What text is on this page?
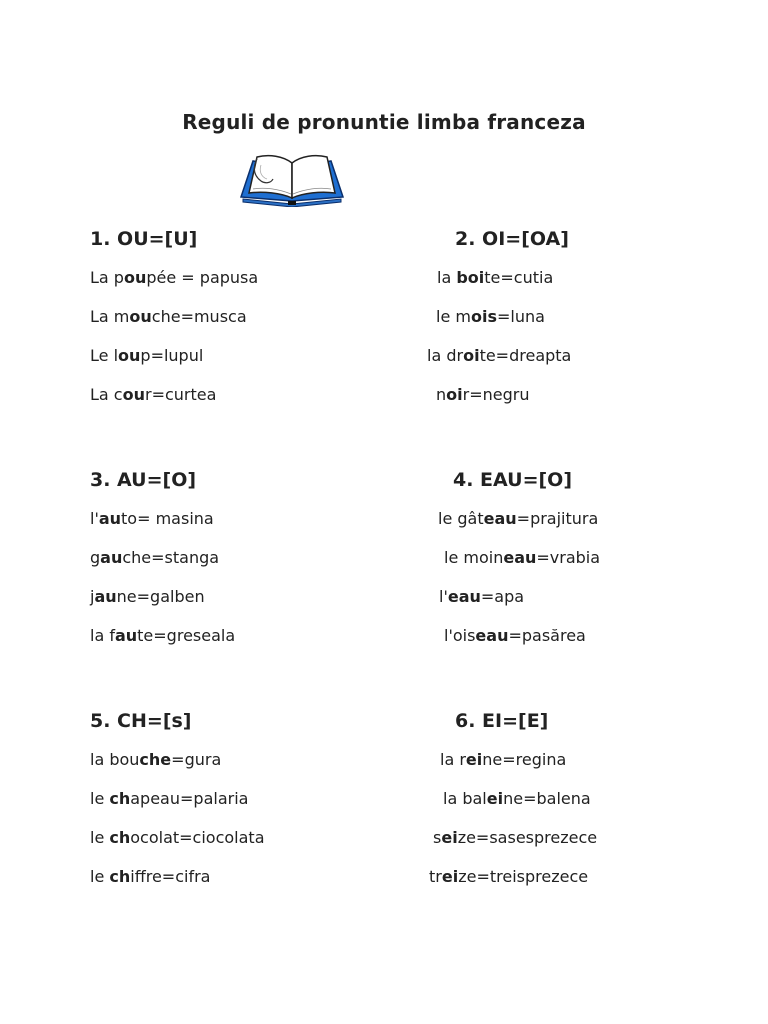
Reguli de pronuntie limba franceza
1. OU=[U]
La poupée = papusa
La mouche=musca
Le loup=lupul
La cour=curtea
2. OI=[OA]
la boite=cutia
le mois=luna
la droite=dreapta
noir=negru
3. AU=[O]
l'auto= masina
gauche=stanga
jaune=galben
la faute=greseala
4. EAU=[O]
le gâteau=prajitura
le moineau=vrabia
l'eau=apa
l'oiseau=pasărea
5. CH=[s]
la bouche=gura
le chapeau=palaria
le chocolat=ciocolata
le chiffre=cifra
6. EI=[E]
la reine=regina
la baleine=balena
seize=sasesprezece
treize=treisprezece
